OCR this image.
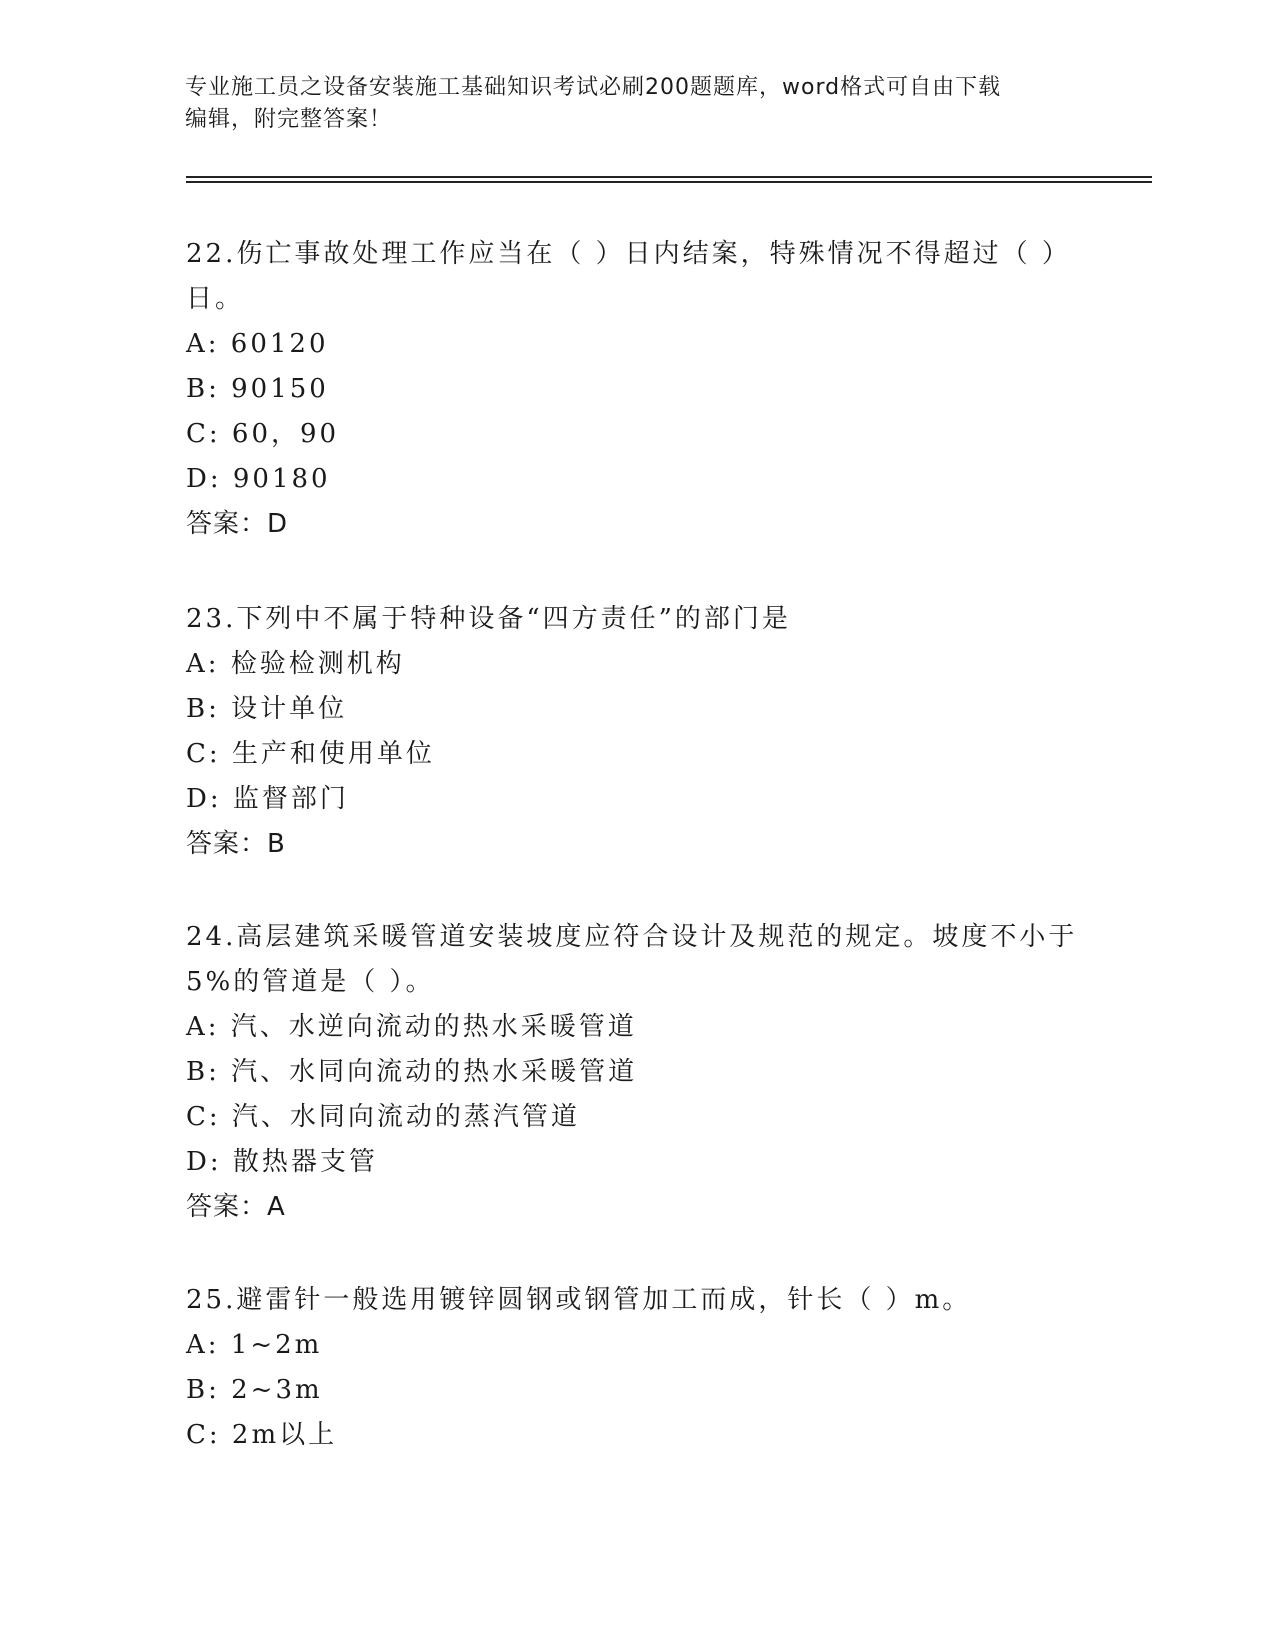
专业施工员之设备安装施工基础知识考试必刷200题题库，word格式可自由下载
编辑，附完整答案！

22.伤亡事故处理工作应当在（ ）日内结案，特殊情况不得超过（ ）日。

A: 60120

B: 90150

C: 60，90

D: 90180

答案：D

23.下列中不属于特种设备“四方责任”的部门是

A: 检验检测机构

B: 设计单位

C: 生产和使用单位

D: 监督部门

答案：B

24.高层建筑采暖管道安装坡度应符合设计及规范的规定。坡度不小于5%的管道是（ ）。

A: 汽、水逆向流动的热水采暖管道

B: 汽、水同向流动的热水采暖管道

C: 汽、水同向流动的蒸汽管道

D: 散热器支管

答案：A

25.避雷针一般选用镀锌圆钢或钢管加工而成，针长（ ）m。

A: 1~2m

B: 2~3m

C: 2m以上
